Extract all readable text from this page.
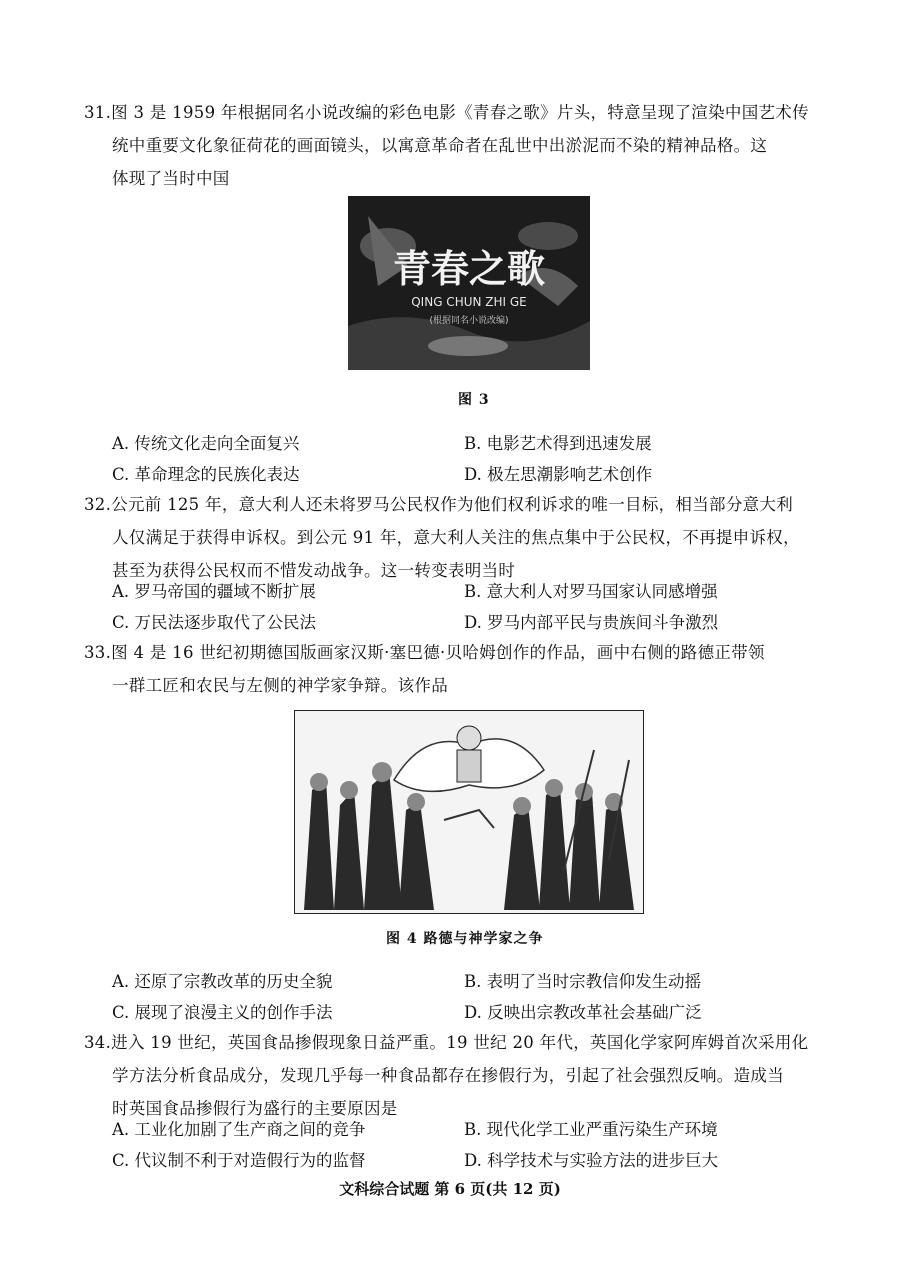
31.图 3 是 1959 年根据同名小说改编的彩色电影《青春之歌》片头，特意呈现了渲染中国艺术传
统中重要文化象征荷花的画面镜头，以寓意革命者在乱世中出淤泥而不染的精神品格。这
体现了当时中国
青春之歌
QING CHUN ZHI GE
(根据同名小说改编)
图 3
A. 传统文化走向全面复兴	B. 电影艺术得到迅速发展
C. 革命理念的民族化表达	D. 极左思潮影响艺术创作
32.公元前 125 年，意大利人还未将罗马公民权作为他们权利诉求的唯一目标，相当部分意大利
人仅满足于获得申诉权。到公元 91 年，意大利人关注的焦点集中于公民权，不再提申诉权，
甚至为获得公民权而不惜发动战争。这一转变表明当时
A. 罗马帝国的疆域不断扩展	B. 意大利人对罗马国家认同感增强
C. 万民法逐步取代了公民法	D. 罗马内部平民与贵族间斗争激烈
33.图 4 是 16 世纪初期德国版画家汉斯·塞巴德·贝哈姆创作的作品，画中右侧的路德正带领
一群工匠和农民与左侧的神学家争辩。该作品
图 4 路德与神学家之争
A. 还原了宗教改革的历史全貌	B. 表明了当时宗教信仰发生动摇
C. 展现了浪漫主义的创作手法	D. 反映出宗教改革社会基础广泛
34.进入 19 世纪，英国食品掺假现象日益严重。19 世纪 20 年代，英国化学家阿库姆首次采用化
学方法分析食品成分，发现几乎每一种食品都存在掺假行为，引起了社会强烈反响。造成当
时英国食品掺假行为盛行的主要原因是
A. 工业化加剧了生产商之间的竞争	B. 现代化学工业严重污染生产环境
C. 代议制不利于对造假行为的监督	D. 科学技术与实验方法的进步巨大
文科综合试题 第 6 页(共 12 页)
